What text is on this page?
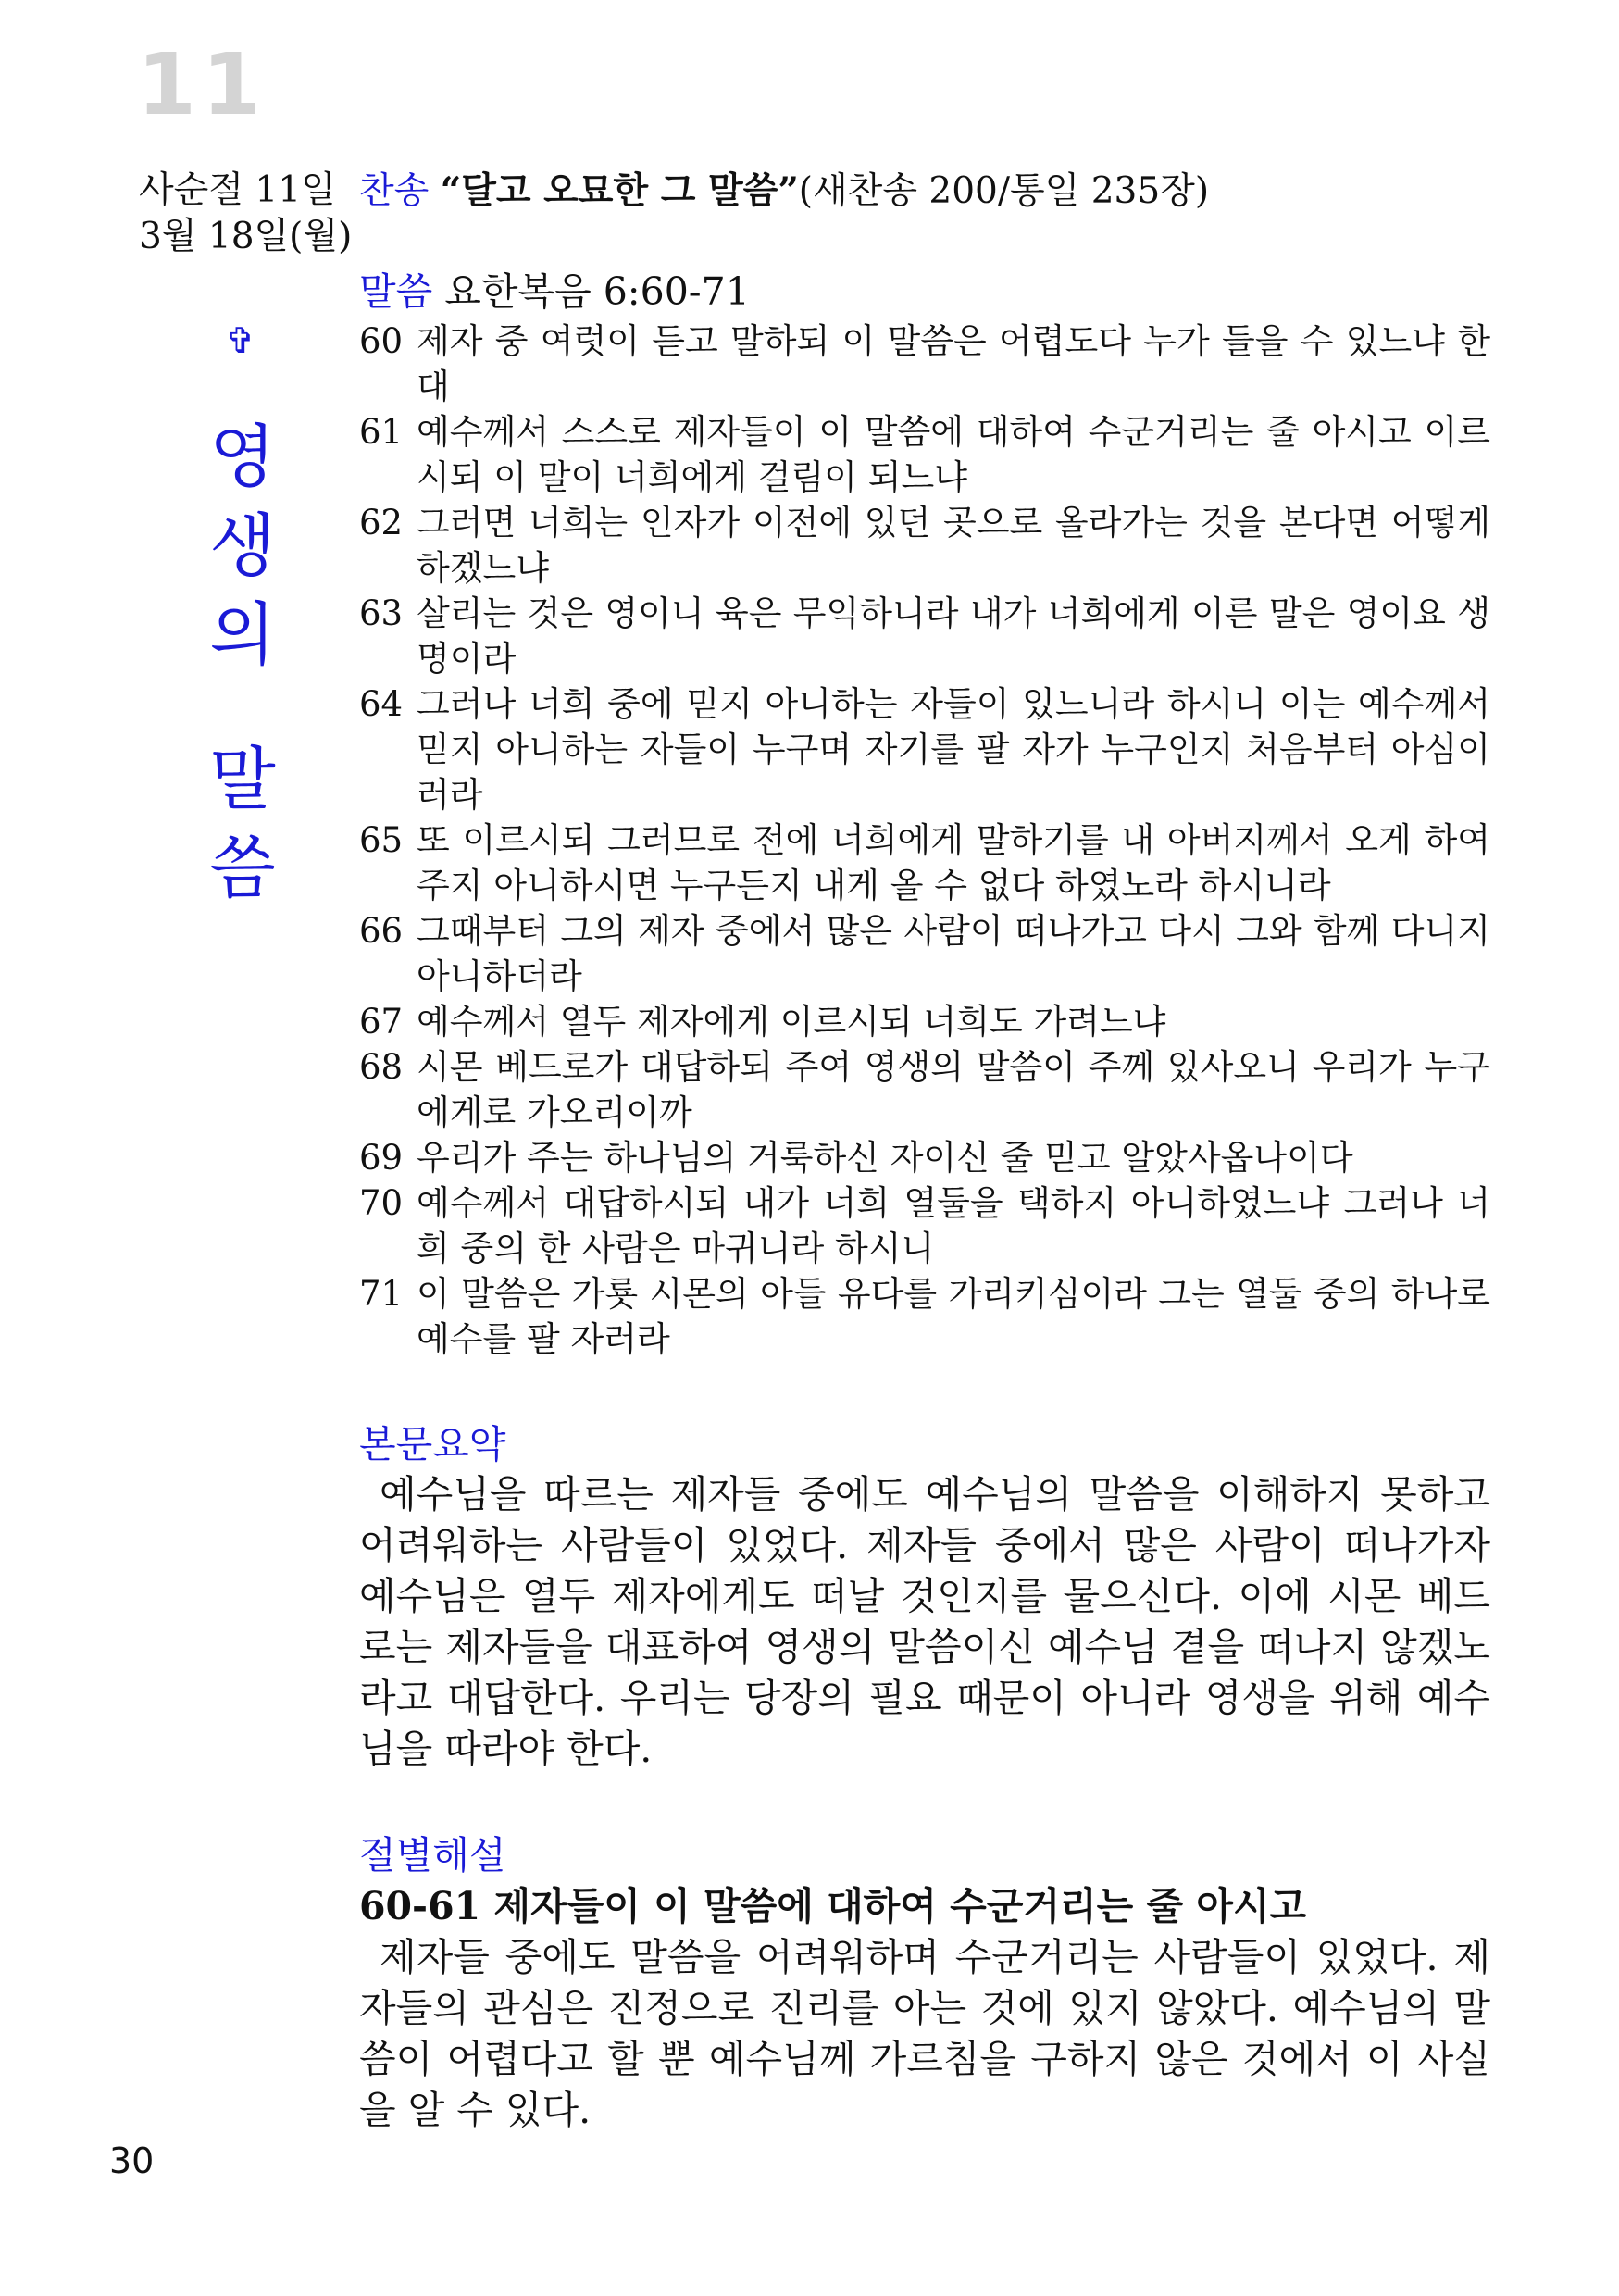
11
사순절 11일
3월 18일(월)
찬송 “달고 오묘한 그 말씀”(새찬송 200/통일 235장)
✞
영
생
의
말
씀
말씀 요한복음 6:60-71
60 제자 중 여럿이 듣고 말하되 이 말씀은 어렵도다 누가 들을 수 있느냐 한대
61 예수께서 스스로 제자들이 이 말씀에 대하여 수군거리는 줄 아시고 이르시되 이 말이 너희에게 걸림이 되느냐
62 그러면 너희는 인자가 이전에 있던 곳으로 올라가는 것을 본다면 어떻게 하겠느냐
63 살리는 것은 영이니 육은 무익하니라 내가 너희에게 이른 말은 영이요 생명이라
64 그러나 너희 중에 믿지 아니하는 자들이 있느니라 하시니 이는 예수께서 믿지 아니하는 자들이 누구며 자기를 팔 자가 누구인지 처음부터 아심이러라
65 또 이르시되 그러므로 전에 너희에게 말하기를 내 아버지께서 오게 하여 주지 아니하시면 누구든지 내게 올 수 없다 하였노라 하시니라
66 그때부터 그의 제자 중에서 많은 사람이 떠나가고 다시 그와 함께 다니지 아니하더라
67 예수께서 열두 제자에게 이르시되 너희도 가려느냐
68 시몬 베드로가 대답하되 주여 영생의 말씀이 주께 있사오니 우리가 누구에게로 가오리이까
69 우리가 주는 하나님의 거룩하신 자이신 줄 믿고 알았사옵나이다
70 예수께서 대답하시되 내가 너희 열둘을 택하지 아니하였느냐 그러나 너희 중의 한 사람은 마귀니라 하시니
71 이 말씀은 가룟 시몬의 아들 유다를 가리키심이라 그는 열둘 중의 하나로 예수를 팔 자러라
본문요약
예수님을 따르는 제자들 중에도 예수님의 말씀을 이해하지 못하고 어려워하는 사람들이 있었다. 제자들 중에서 많은 사람이 떠나가자 예수님은 열두 제자에게도 떠날 것인지를 물으신다. 이에 시몬 베드로는 제자들을 대표하여 영생의 말씀이신 예수님 곁을 떠나지 않겠노라고 대답한다. 우리는 당장의 필요 때문이 아니라 영생을 위해 예수님을 따라야 한다.
절별해설
60-61 제자들이 이 말씀에 대하여 수군거리는 줄 아시고
제자들 중에도 말씀을 어려워하며 수군거리는 사람들이 있었다. 제자들의 관심은 진정으로 진리를 아는 것에 있지 않았다. 예수님의 말씀이 어렵다고 할 뿐 예수님께 가르침을 구하지 않은 것에서 이 사실을 알 수 있다.
30
